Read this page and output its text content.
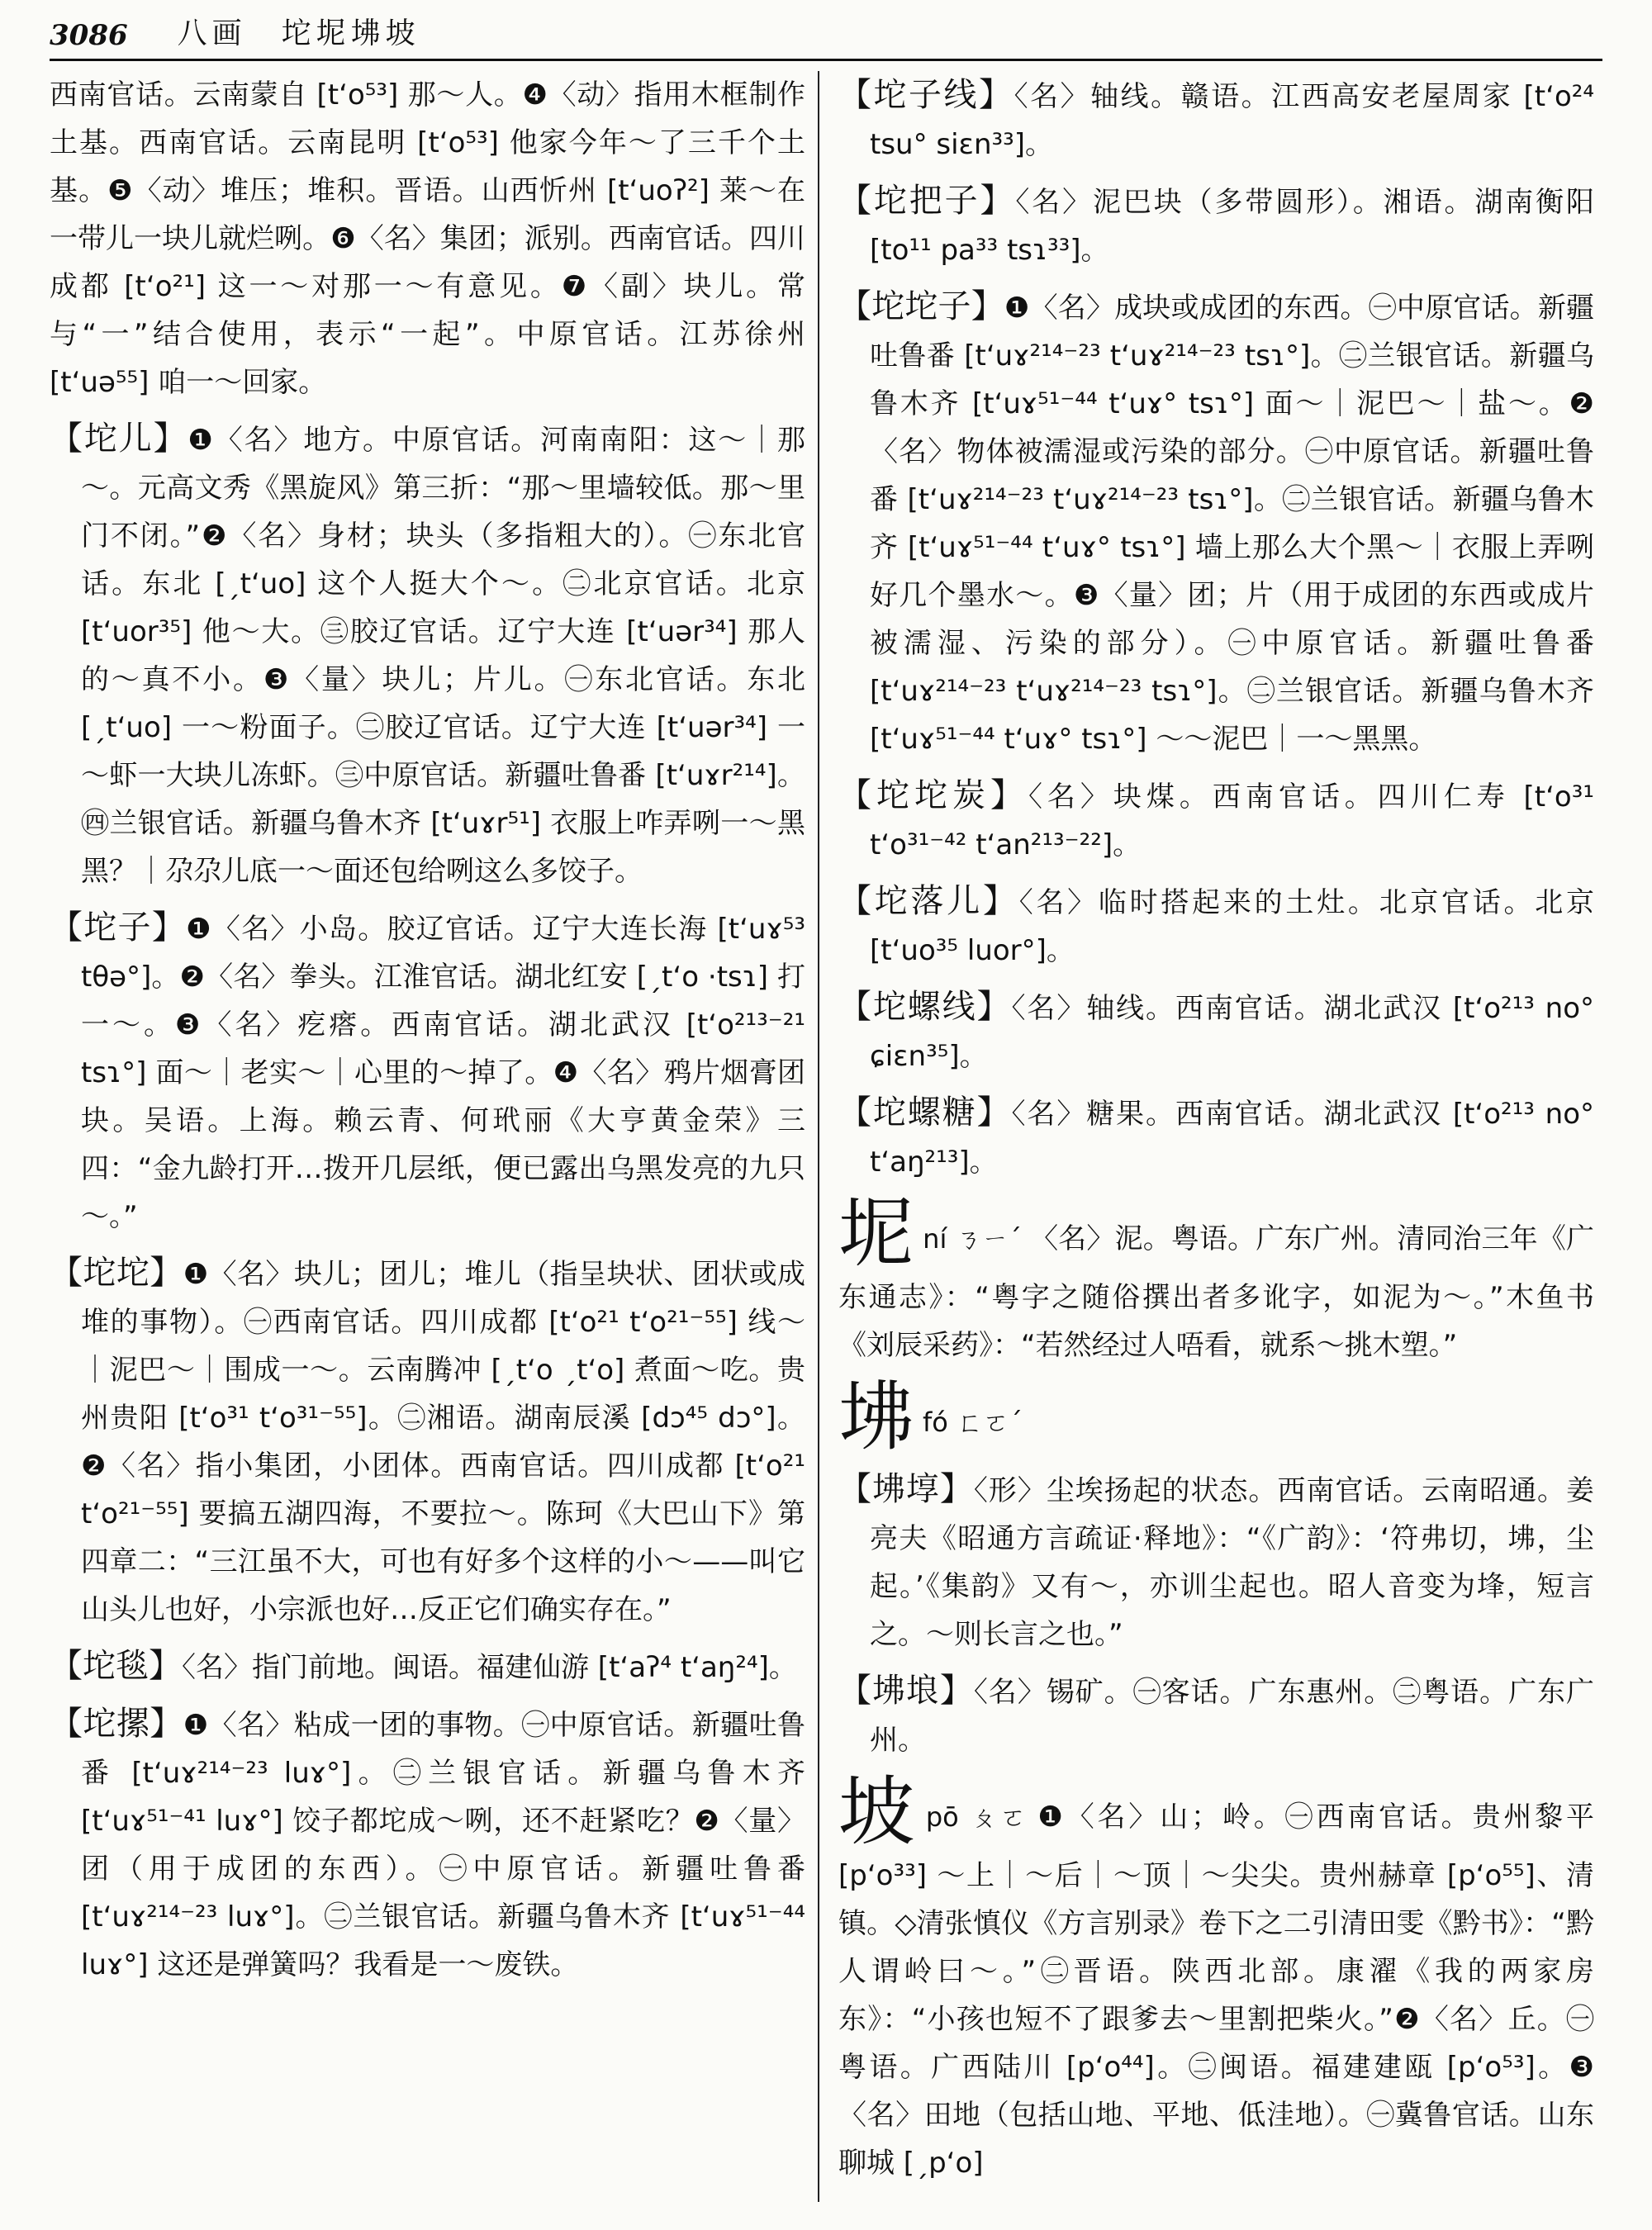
3086 八画　坨坭坲坡

西南官话。云南蒙自 [t‘o⁵³] 那～人。❹〈动〉指用木框制作土基。西南官话。云南昆明 [t‘o⁵³] 他家今年～了三千个土基。❺〈动〉堆压；堆积。晋语。山西忻州 [t‘uoʔ²] 莱～在一带儿一块儿就烂咧。❻〈名〉集团；派别。西南官话。四川成都 [t‘o²¹] 这一～对那一～有意见。❼〈副〉块儿。常与“一”结合使用，表示“一起”。中原官话。江苏徐州 [t‘uə⁵⁵] 咱一～回家。

【坨儿】❶〈名〉地方。中原官话。河南南阳：这～｜那～。元高文秀《黑旋风》第三折：“那～里墙较低。那～里门不闭。”❷〈名〉身材；块头（多指粗大的）。㊀东北官话。东北 [ˏt‘uo] 这个人挺大个～。㊁北京官话。北京 [t‘uor³⁵] 他～大。㊂胶辽官话。辽宁大连 [t‘uər³⁴] 那人的～真不小。❸〈量〉块儿；片儿。㊀东北官话。东北 [ˏt‘uo] 一～粉面子。㊁胶辽官话。辽宁大连 [t‘uər³⁴] 一～虾一大块儿冻虾。㊂中原官话。新疆吐鲁番 [t‘uɤr²¹⁴]。㊃兰银官话。新疆乌鲁木齐 [t‘uɤr⁵¹] 衣服上咋弄咧一～黑黑？｜尕尕儿底一～面还包给咧这么多饺子。

【坨子】❶〈名〉小岛。胶辽官话。辽宁大连长海 [t‘uɤ⁵³ tθə°]。❷〈名〉拳头。江淮官话。湖北红安 [ˏt‘o ·tsɿ] 打一～。❸〈名〉疙瘩。西南官话。湖北武汉 [t‘o²¹³⁻²¹ tsɿ°] 面～｜老实～｜心里的～掉了。❹〈名〉鸦片烟膏团块。吴语。上海。赖云青、何玳丽《大亨黄金荣》三四：“金九龄打开…拨开几层纸，便已露出乌黑发亮的九只～。”

【坨坨】❶〈名〉块儿；团儿；堆儿（指呈块状、团状或成堆的事物）。㊀西南官话。四川成都 [t‘o²¹ t‘o²¹⁻⁵⁵] 线～｜泥巴～｜围成一～。云南腾冲 [ˏt‘o ˏt‘o] 煮面～吃。贵州贵阳 [t‘o³¹ t‘o³¹⁻⁵⁵]。㊁湘语。湖南辰溪 [dɔ⁴⁵ dɔ°]。❷〈名〉指小集团，小团体。西南官话。四川成都 [t‘o²¹ t‘o²¹⁻⁵⁵] 要搞五湖四海，不要拉～。陈珂《大巴山下》第四章二：“三江虽不大，可也有好多个这样的小～——叫它山头儿也好，小宗派也好…反正它们确实存在。”

【坨毯】〈名〉指门前地。闽语。福建仙游 [t‘aʔ⁴ t‘aŋ²⁴]。

【坨摞】❶〈名〉粘成一团的事物。㊀中原官话。新疆吐鲁番 [t‘uɤ²¹⁴⁻²³ luɤ°]。㊁兰银官话。新疆乌鲁木齐 [t‘uɤ⁵¹⁻⁴¹ luɤ°] 饺子都坨成～咧，还不赶紧吃？❷〈量〉团（用于成团的东西）。㊀中原官话。新疆吐鲁番 [t‘uɤ²¹⁴⁻²³ luɤ°]。㊁兰银官话。新疆乌鲁木齐 [t‘uɤ⁵¹⁻⁴⁴ luɤ°] 这还是弹簧吗？我看是一～废铁。

【坨子线】〈名〉轴线。赣语。江西高安老屋周家 [t‘o²⁴ tsu° siɛn³³]。

【坨把子】〈名〉泥巴块（多带圆形）。湘语。湖南衡阳 [to¹¹ pa³³ tsɿ³³]。

【坨坨子】❶〈名〉成块或成团的东西。㊀中原官话。新疆吐鲁番 [t‘uɤ²¹⁴⁻²³ t‘uɤ²¹⁴⁻²³ tsɿ°]。㊁兰银官话。新疆乌鲁木齐 [t‘uɤ⁵¹⁻⁴⁴ t‘uɤ° tsɿ°] 面～｜泥巴～｜盐～。❷〈名〉物体被濡湿或污染的部分。㊀中原官话。新疆吐鲁番 [t‘uɤ²¹⁴⁻²³ t‘uɤ²¹⁴⁻²³ tsɿ°]。㊁兰银官话。新疆乌鲁木齐 [t‘uɤ⁵¹⁻⁴⁴ t‘uɤ° tsɿ°] 墙上那么大个黑～｜衣服上弄咧好几个墨水～。❸〈量〉团；片（用于成团的东西或成片被濡湿、污染的部分）。㊀中原官话。新疆吐鲁番 [t‘uɤ²¹⁴⁻²³ t‘uɤ²¹⁴⁻²³ tsɿ°]。㊁兰银官话。新疆乌鲁木齐 [t‘uɤ⁵¹⁻⁴⁴ t‘uɤ° tsɿ°] ～～泥巴｜一～黑黑。

【坨坨炭】〈名〉块煤。西南官话。四川仁寿 [t‘o³¹ t‘o³¹⁻⁴² t‘an²¹³⁻²²]。

【坨落儿】〈名〉临时搭起来的土灶。北京官话。北京 [t‘uo³⁵ luor°]。

【坨螺线】〈名〉轴线。西南官话。湖北武汉 [t‘o²¹³ no° ɕiɛn³⁵]。

【坨螺糖】〈名〉糖果。西南官话。湖北武汉 [t‘o²¹³ no° t‘aŋ²¹³]。

坭ní ㄋㄧˊ 〈名〉泥。粤语。广东广州。清同治三年《广东通志》：“粤字之随俗撰出者多讹字，如泥为～。”木鱼书《刘辰采药》：“若然经过人唔看，就系～挑木塑。”

坲fó ㄈㄛˊ

【坲埻】〈形〉尘埃扬起的状态。西南官话。云南昭通。姜亮夫《昭通方言疏证·释地》：“《广韵》：‘符弗切，坲，尘起。’《集韵》又有～，亦训尘起也。昭人音变为埄，短言之。～则长言之也。”

【坲埌】〈名〉锡矿。㊀客话。广东惠州。㊁粤语。广东广州。

坡pō ㄆㄛ ❶〈名〉山；岭。㊀西南官话。贵州黎平 [p‘o³³] ～上｜～后｜～顶｜～尖尖。贵州赫章 [p‘o⁵⁵]、清镇。◇清张慎仪《方言别录》卷下之二引清田雯《黔书》：“黔人谓岭曰～。”㊁晋语。陕西北部。康濯《我的两家房东》：“小孩也短不了跟爹去～里割把柴火。”❷〈名〉丘。㊀粤语。广西陆川 [p‘o⁴⁴]。㊁闽语。福建建瓯 [p‘o⁵³]。❸〈名〉田地（包括山地、平地、低洼地）。㊀冀鲁官话。山东聊城 [ˏp‘o]
